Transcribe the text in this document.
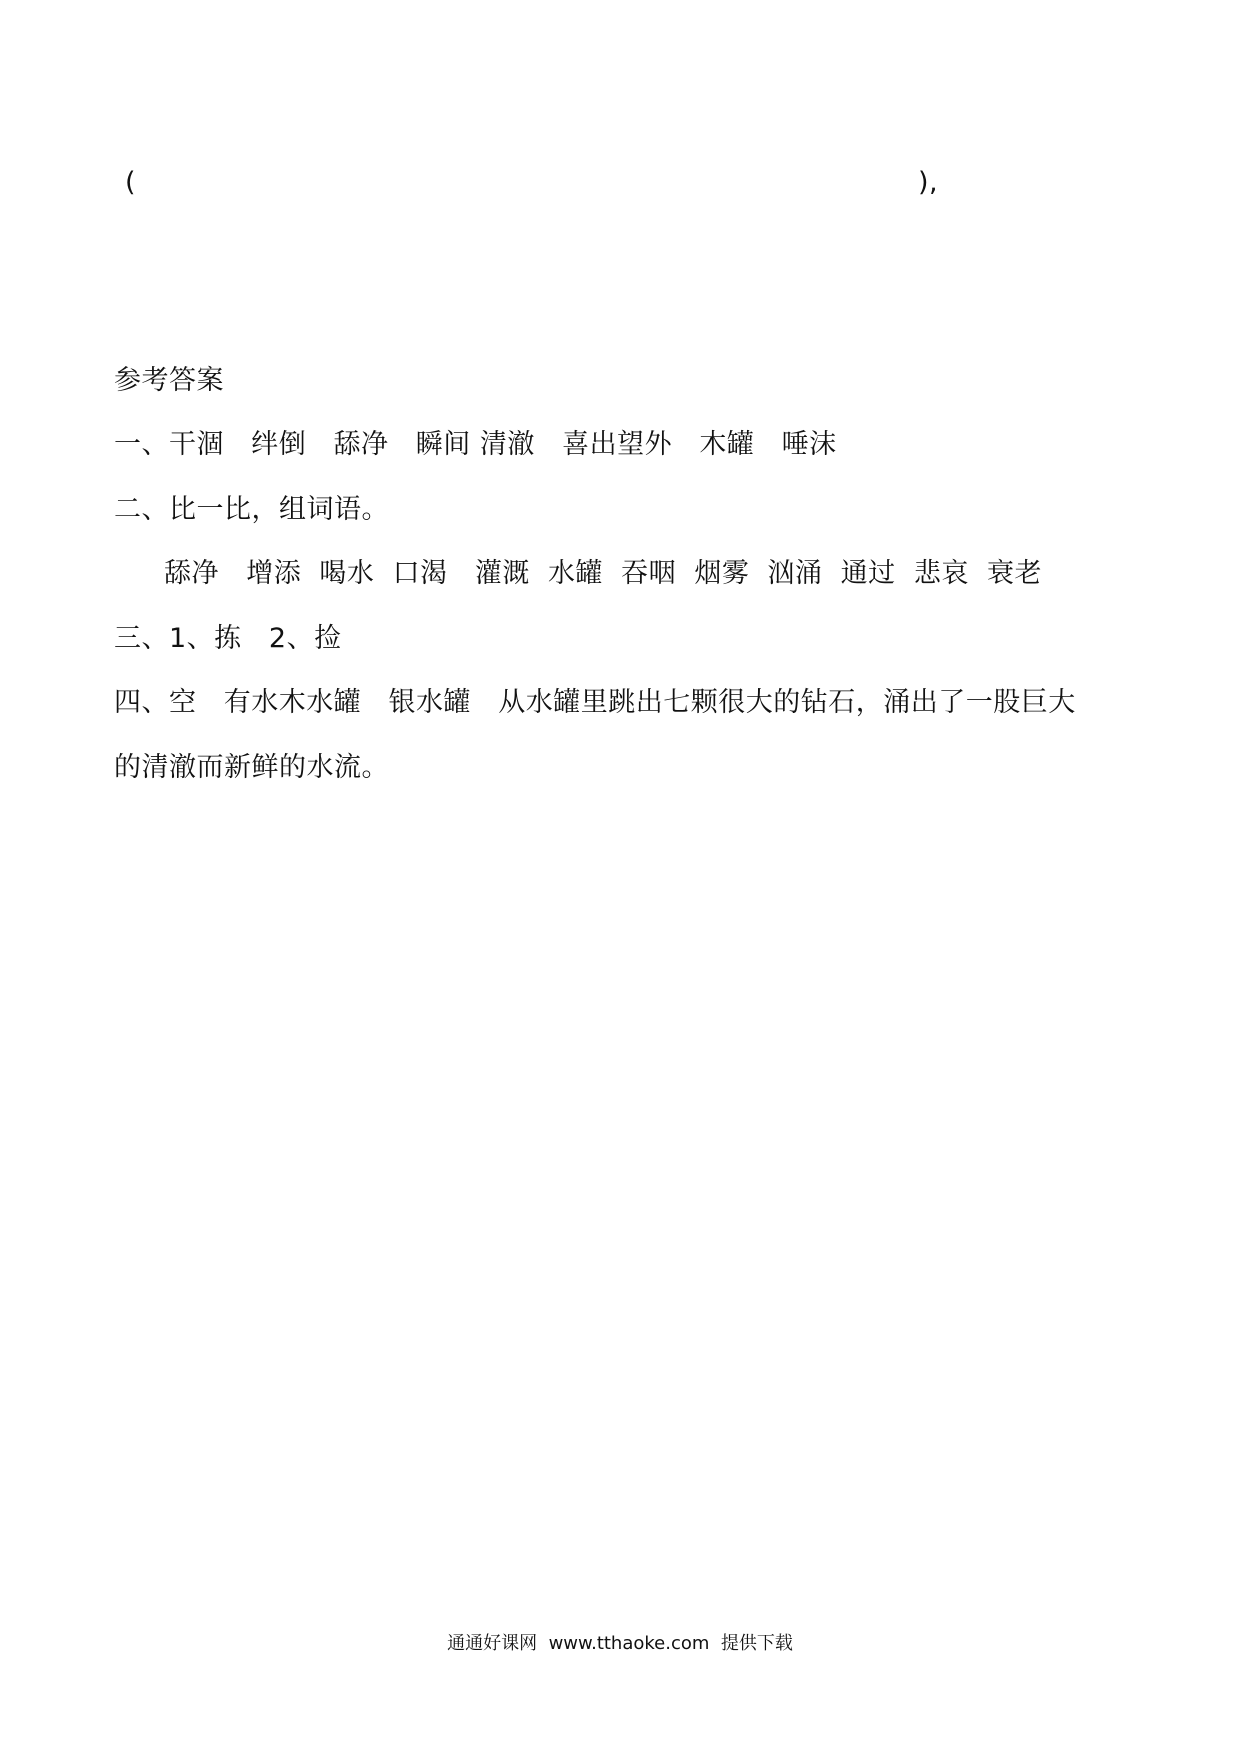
(	),
参考答案
一、干涸   绊倒   舔净   瞬间 清澈   喜出望外   木罐   唾沫
二、比一比，组词语。
舔净   增添  喝水  口渴   灌溉  水罐  吞咽  烟雾  汹涌  通过  悲哀  衰老
三、1、拣   2、捡
四、空   有水木水罐   银水罐   从水罐里跳出七颗很大的钻石，涌出了一股巨大
的清澈而新鲜的水流。
通通好课网  www.tthaoke.com  提供下载
